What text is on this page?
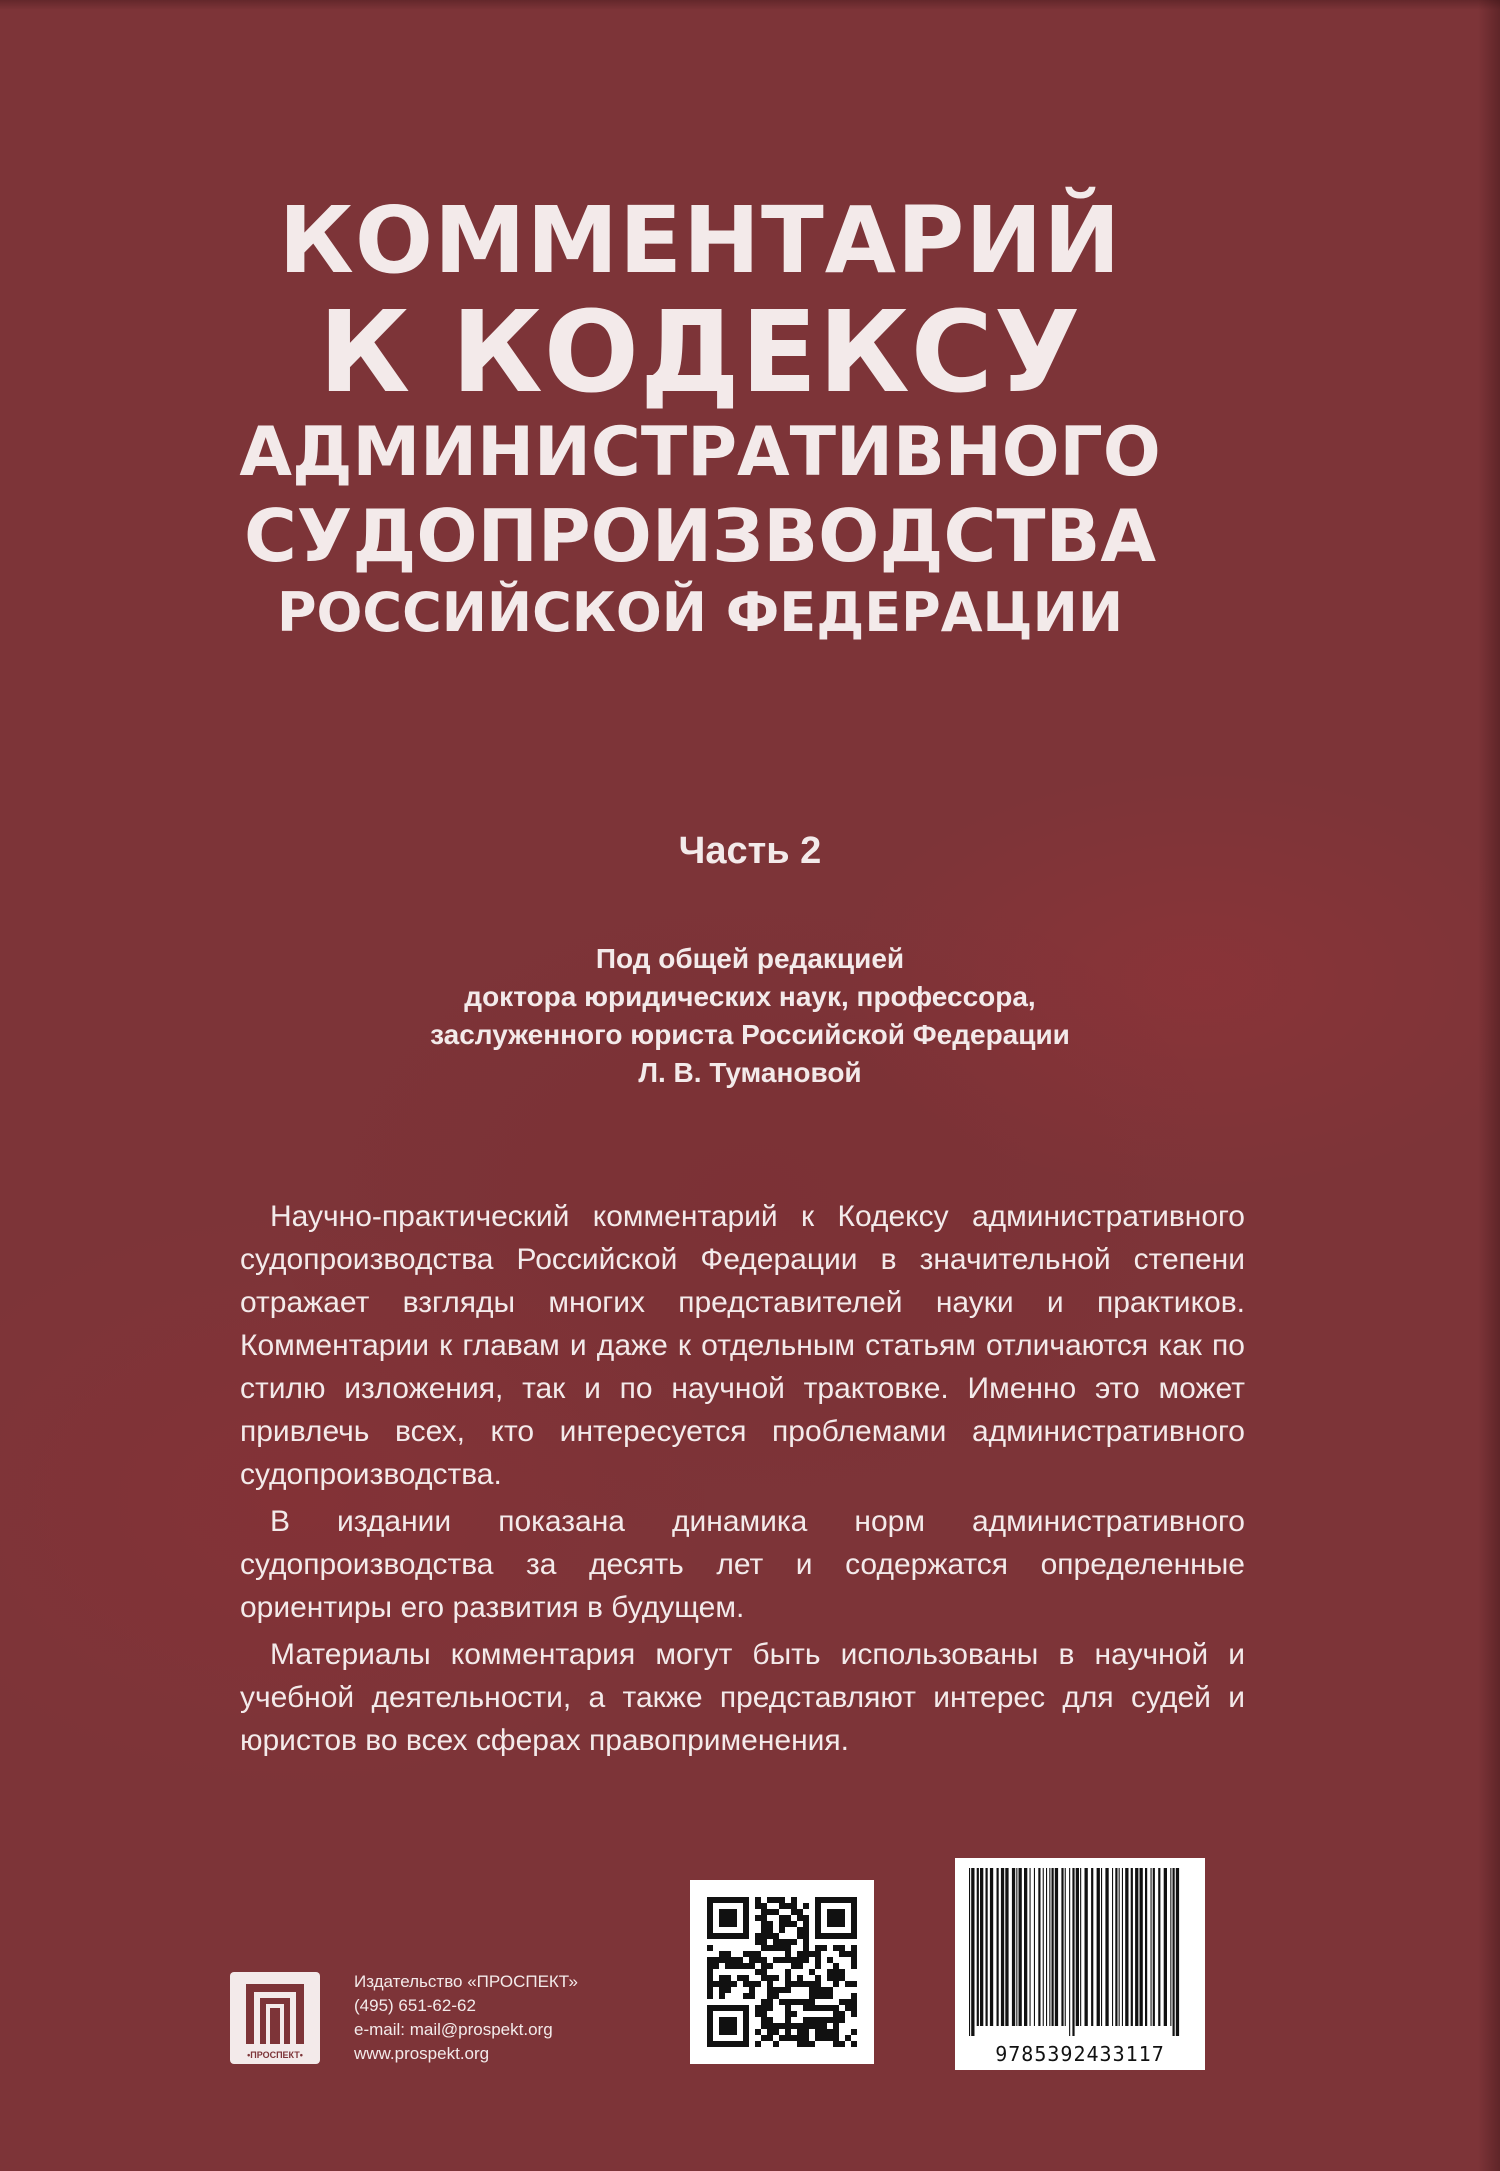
КОММЕНТАРИЙ
К КОДЕКСУ
АДМИНИСТРАТИВНОГО
СУДОПРОИЗВОДСТВА
РОССИЙСКОЙ ФЕДЕРАЦИИ
Часть 2
Под общей редакцией
доктора юридических наук, профессора,
заслуженного юриста Российской Федерации
Л. В. Тумановой

Научно-практический комментарий к Кодексу административного судопроизводства Российской Федерации в значительной степени отражает взгляды многих представителей науки и практиков. Комментарии к главам и даже к отдельным статьям отличаются как по стилю изложения, так и по научной трактовке. Именно это может привлечь всех, кто интересуется проблемами административного судопроизводства.

В издании показана динамика норм административного судопроизводства за десять лет и содержатся определенные ориентиры его развития в будущем.

Материалы комментария могут быть использованы в научной и учебной деятельности, а также представляют интерес для судей и юристов во всех сферах правоприменения.

•ПРОСПЕКТ•
Издательство «ПРОСПЕКТ»
(495) 651-62-62
e-mail: mail@prospekt.org
www.prospekt.org	9785392433117
